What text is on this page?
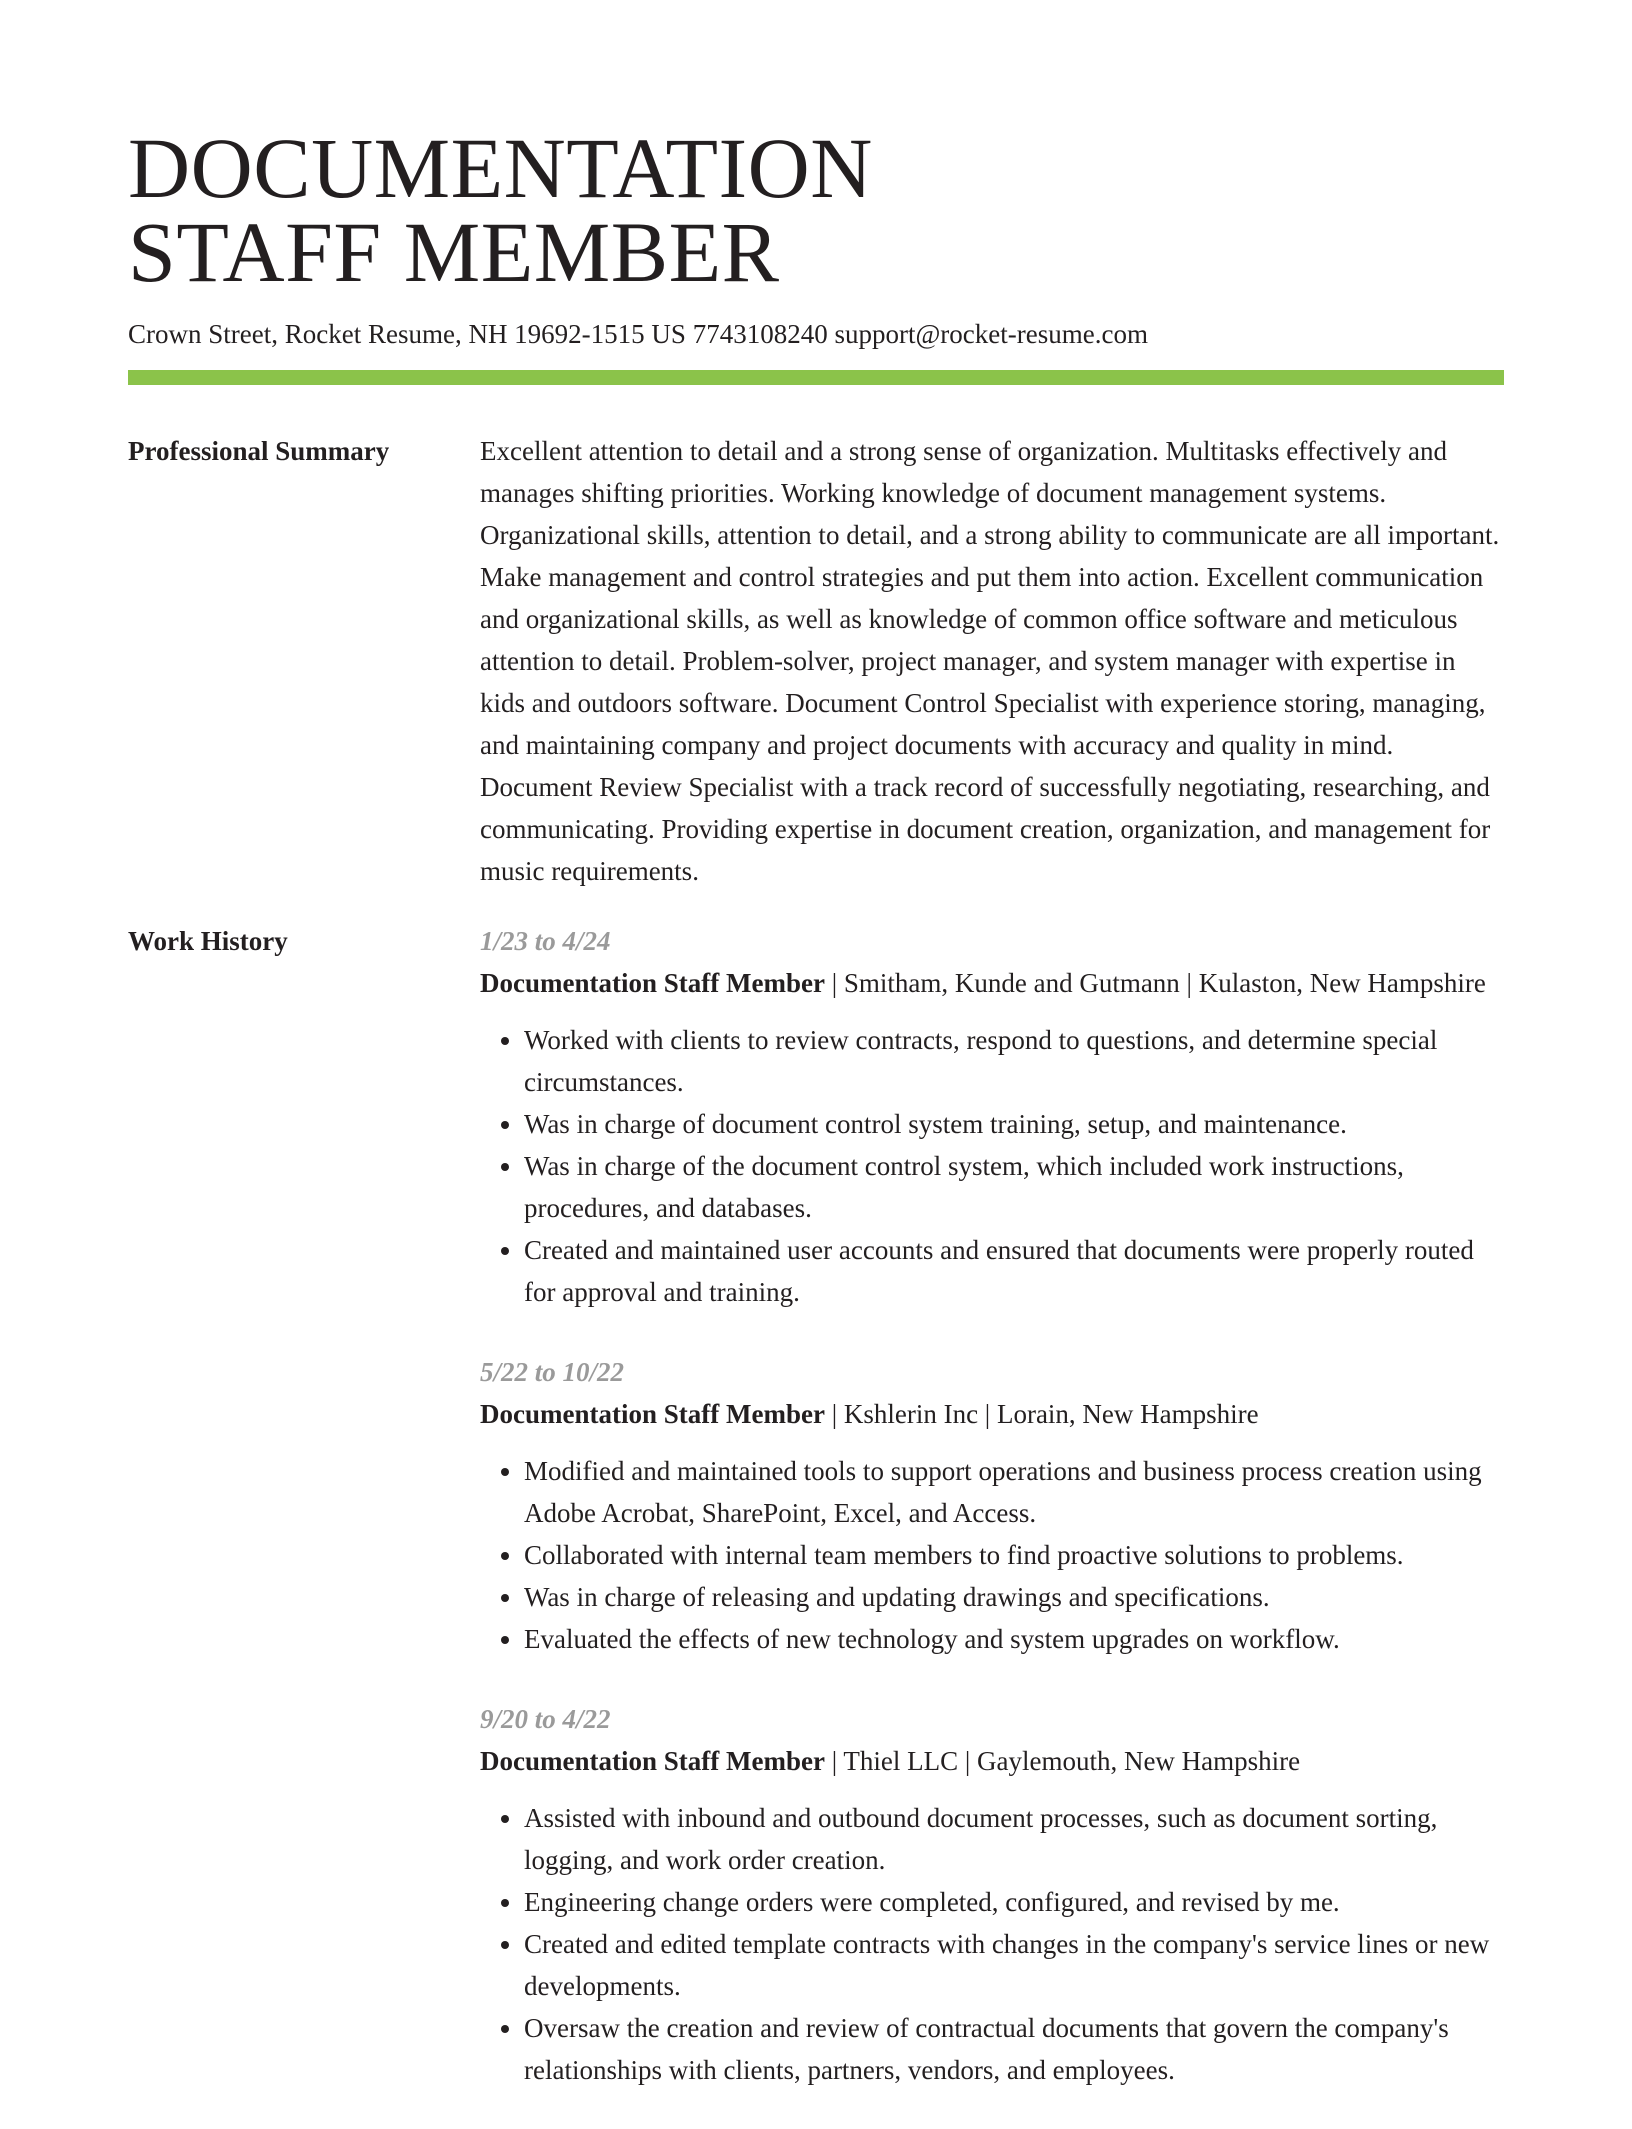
DOCUMENTATION
STAFF MEMBER
Crown Street, Rocket Resume, NH 19692-1515 US 7743108240 support@rocket-resume.com
Professional Summary	Excellent attention to detail and a strong sense of organization. Multitasks effectively and manages shifting priorities. Working knowledge of document management systems. Organizational skills, attention to detail, and a strong ability to communicate are all important. Make management and control strategies and put them into action. Excellent communication and organizational skills, as well as knowledge of common office software and meticulous attention to detail. Problem-solver, project manager, and system manager with expertise in kids and outdoors software. Document Control Specialist with experience storing, managing, and maintaining company and project documents with accuracy and quality in mind. Document Review Specialist with a track record of successfully negotiating, researching, and communicating. Providing expertise in document creation, organization, and management for music requirements.

Work History	1/23 to 4/24
Documentation Staff Member | Smitham, Kunde and Gutmann | Kulaston, New Hampshire
• Worked with clients to review contracts, respond to questions, and determine special circumstances.
• Was in charge of document control system training, setup, and maintenance.
• Was in charge of the document control system, which included work instructions, procedures, and databases.
• Created and maintained user accounts and ensured that documents were properly routed for approval and training.
5/22 to 10/22
Documentation Staff Member | Kshlerin Inc | Lorain, New Hampshire
• Modified and maintained tools to support operations and business process creation using Adobe Acrobat, SharePoint, Excel, and Access.
• Collaborated with internal team members to find proactive solutions to problems.
• Was in charge of releasing and updating drawings and specifications.
• Evaluated the effects of new technology and system upgrades on workflow.
9/20 to 4/22
Documentation Staff Member | Thiel LLC | Gaylemouth, New Hampshire
• Assisted with inbound and outbound document processes, such as document sorting, logging, and work order creation.
• Engineering change orders were completed, configured, and revised by me.
• Created and edited template contracts with changes in the company's service lines or new developments.
• Oversaw the creation and review of contractual documents that govern the company's relationships with clients, partners, vendors, and employees.
